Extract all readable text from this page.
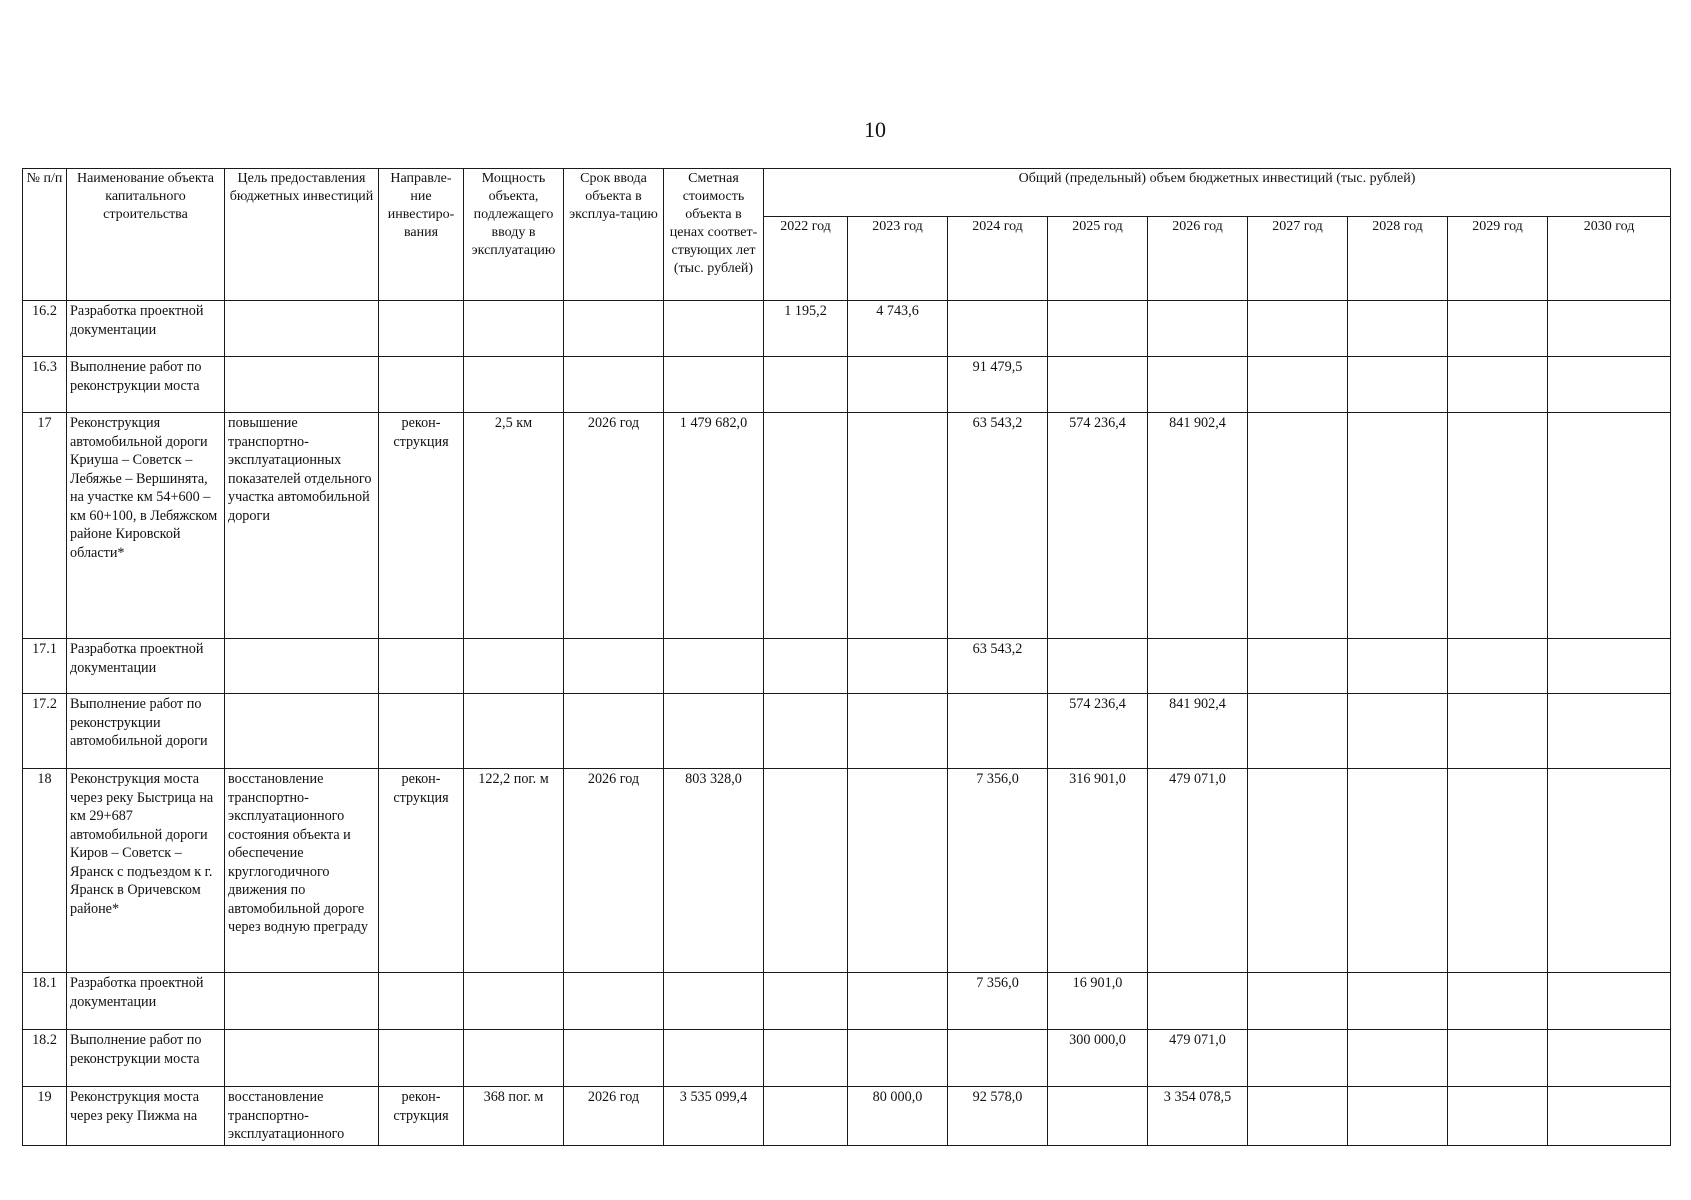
10
№ п/п	Наименование объекта капитального строительства	Цель предоставления бюджетных инвестиций	Направле-ние инвестиро-вания	Мощность объекта, подлежащего вводу в эксплуатацию	Срок ввода объекта в эксплуа-тацию	Сметная стоимость объекта в ценах соответ-ствующих лет (тыс. рублей)	Общий (предельный) объем бюджетных инвестиций (тыс. рублей)								
							2022 год	2023 год	2024 год	2025 год	2026 год	2027 год	2028 год	2029 год	2030 год
16.2	Разработка проектной документации						1 195,2	4 743,6							
16.3	Выполнение работ по реконструкции моста								91 479,5						
17	Реконструкция автомобильной дороги Криуша – Советск – Лебяжье – Вершинята, на участке км 54+600 – км 60+100, в Лебяжском районе Кировской области*	повышение транспортно-эксплуатационных показателей отдельного участка автомобильной дороги	рекон-струкция	2,5 км	2026 год	1 479 682,0			63 543,2	574 236,4	841 902,4				
17.1	Разработка проектной документации								63 543,2						
17.2	Выполнение работ по реконструкции автомобильной дороги									574 236,4	841 902,4				
18	Реконструкция моста через реку Быстрица на км 29+687 автомобильной дороги Киров – Советск – Яранск с подъездом к г. Яранск в Оричевском районе*	восстановление транспортно-эксплуатационного состояния объекта и обеспечение круглогодичного движения по автомобильной дороге через водную преграду	рекон-струкция	122,2 пог. м	2026 год	803 328,0			7 356,0	316 901,0	479 071,0				
18.1	Разработка проектной документации								7 356,0	16 901,0					
18.2	Выполнение работ по реконструкции моста									300 000,0	479 071,0				
19	Реконструкция моста через реку Пижма на	восстановление транспортно-эксплуатационного	рекон-струкция	368 пог. м	2026 год	3 535 099,4		80 000,0	92 578,0		3 354 078,5				
